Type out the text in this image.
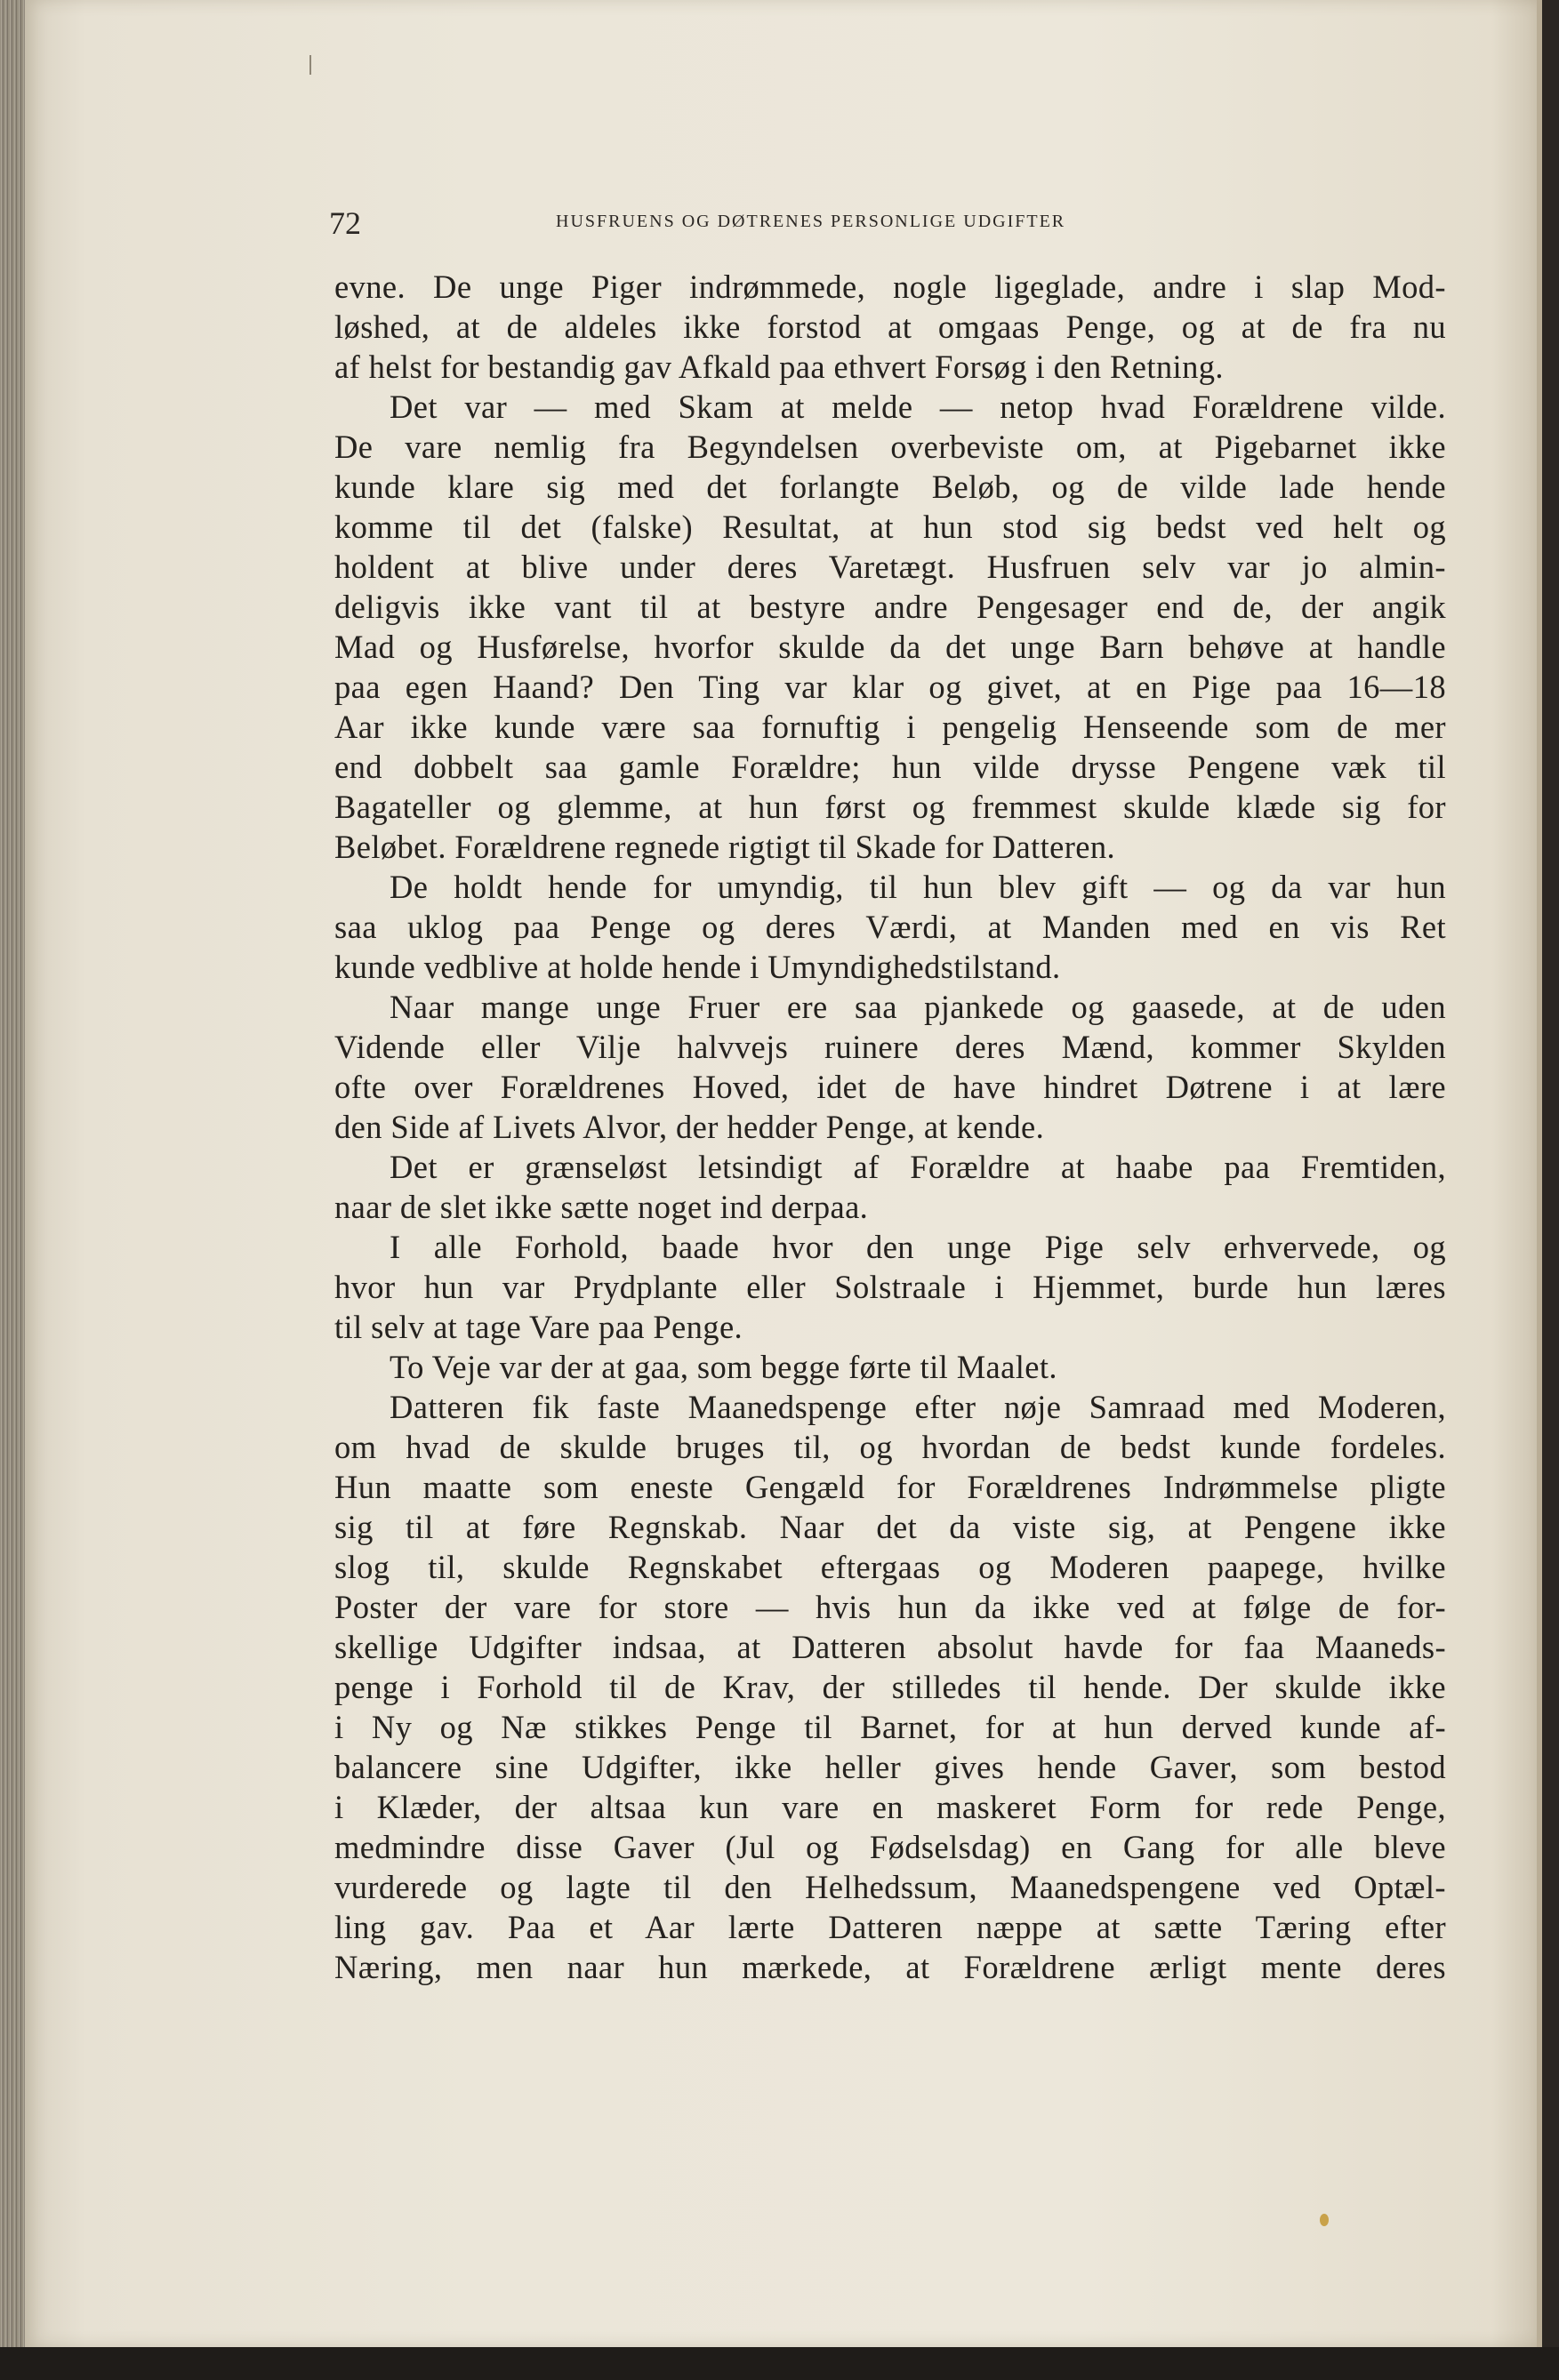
72	HUSFRUENS OG DØTRENES PERSONLIGE UDGIFTER
evne. De unge Piger indrømmede, nogle ligeglade, andre i slap Mod-
løshed, at de aldeles ikke forstod at omgaas Penge, og at de fra nu
af helst for bestandig gav Afkald paa ethvert Forsøg i den Retning.
Det var — med Skam at melde — netop hvad Forældrene vilde.
De vare nemlig fra Begyndelsen overbeviste om, at Pigebarnet ikke
kunde klare sig med det forlangte Beløb, og de vilde lade hende
komme til det (falske) Resultat, at hun stod sig bedst ved helt og
holdent at blive under deres Varetægt. Husfruen selv var jo almin-
deligvis ikke vant til at bestyre andre Pengesager end de, der angik
Mad og Husførelse, hvorfor skulde da det unge Barn behøve at handle
paa egen Haand? Den Ting var klar og givet, at en Pige paa 16—18
Aar ikke kunde være saa fornuftig i pengelig Henseende som de mer
end dobbelt saa gamle Forældre; hun vilde drysse Pengene væk til
Bagateller og glemme, at hun først og fremmest skulde klæde sig for
Beløbet. Forældrene regnede rigtigt til Skade for Datteren.
De holdt hende for umyndig, til hun blev gift — og da var hun
saa uklog paa Penge og deres Værdi, at Manden med en vis Ret
kunde vedblive at holde hende i Umyndighedstilstand.
Naar mange unge Fruer ere saa pjankede og gaasede, at de uden
Vidende eller Vilje halvvejs ruinere deres Mænd, kommer Skylden
ofte over Forældrenes Hoved, idet de have hindret Døtrene i at lære
den Side af Livets Alvor, der hedder Penge, at kende.
Det er grænseløst letsindigt af Forældre at haabe paa Fremtiden,
naar de slet ikke sætte noget ind derpaa.
I alle Forhold, baade hvor den unge Pige selv erhvervede, og
hvor hun var Prydplante eller Solstraale i Hjemmet, burde hun læres
til selv at tage Vare paa Penge.
To Veje var der at gaa, som begge førte til Maalet.
Datteren fik faste Maanedspenge efter nøje Samraad med Moderen,
om hvad de skulde bruges til, og hvordan de bedst kunde fordeles.
Hun maatte som eneste Gengæld for Forældrenes Indrømmelse pligte
sig til at føre Regnskab. Naar det da viste sig, at Pengene ikke
slog til, skulde Regnskabet eftergaas og Moderen paapege, hvilke
Poster der vare for store — hvis hun da ikke ved at følge de for-
skellige Udgifter indsaa, at Datteren absolut havde for faa Maaneds-
penge i Forhold til de Krav, der stilledes til hende. Der skulde ikke
i Ny og Næ stikkes Penge til Barnet, for at hun derved kunde af-
balancere sine Udgifter, ikke heller gives hende Gaver, som bestod
i Klæder, der altsaa kun vare en maskeret Form for rede Penge,
medmindre disse Gaver (Jul og Fødselsdag) en Gang for alle bleve
vurderede og lagte til den Helhedssum, Maanedspengene ved Optæl-
ling gav. Paa et Aar lærte Datteren næppe at sætte Tæring efter
Næring, men naar hun mærkede, at Forældrene ærligt mente deres
